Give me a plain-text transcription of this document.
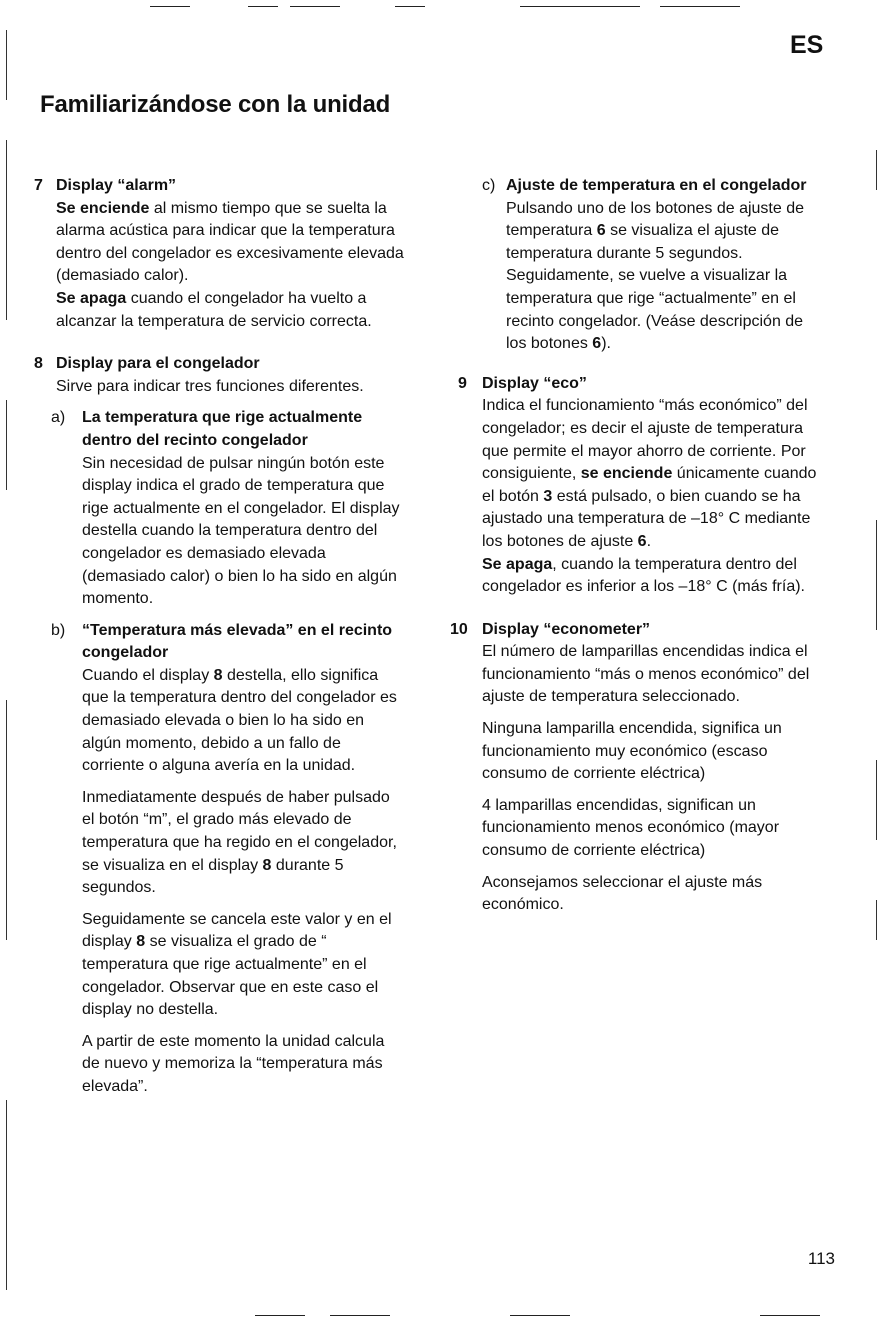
ES
Familiarizándose con la unidad
7 Display “alarm”

Se enciende al mismo tiempo que se suelta la alarma acústica para indicar que la temperatura dentro del congelador es excesivamente elevada (demasiado calor).

Se apaga cuando el congelador ha vuelto a alcanzar la temperatura de servicio correcta.

8 Display para el congelador

Sirve para indicar tres funciones diferentes.

a) La temperatura que rige actualmente dentro del recinto congelador

Sin necesidad de pulsar ningún botón este display indica el grado de temperatura que rige actualmente en el congelador. El display destella cuando la temperatura dentro del congelador es demasiado elevada (demasiado calor) o bien lo ha sido en algún momento.

b) “Temperatura más elevada” en el recinto congelador

Cuando el display 8 destella, ello significa que la temperatura dentro del congelador es demasiado elevada o bien lo ha sido en algún momento, debido a un fallo de corriente o alguna avería en la unidad.

Inmediatamente después de haber pulsado el botón “m”, el grado más elevado de temperatura que ha regido en el congelador, se visualiza en el display 8 durante 5 segundos.

Seguidamente se cancela este valor y en el display 8 se visualiza el grado de “ temperatura que rige actualmente” en el congelador. Observar que en este caso el display no destella.

A partir de este momento la unidad calcula de nuevo y memoriza la “temperatura más elevada”.

c) Ajuste de temperatura en el congelador

Pulsando uno de los botones de ajuste de temperatura 6 se visualiza el ajuste de temperatura durante 5 segundos. Seguidamente, se vuelve a visualizar la temperatura que rige “actualmente” en el recinto congelador. (Veáse descripción de los botones 6).

9 Display “eco”

Indica el funcionamiento “más económico” del congelador; es decir el ajuste de temperatura que permite el mayor ahorro de corriente. Por consiguiente, se enciende únicamente cuando el botón 3 está pulsado, o bien cuando se ha ajustado una temperatura de –18° C mediante los botones de ajuste 6.

Se apaga, cuando la temperatura dentro del congelador es inferior a los –18° C (más fría).

10 Display “econometer”

El número de lamparillas encendidas indica el funcionamiento “más o menos económico” del ajuste de temperatura seleccionado.

Ninguna lamparilla encendida, significa un funcionamiento muy económico (escaso consumo de corriente eléctrica)

4 lamparillas encendidas, significan un funcionamiento menos económico (mayor consumo de corriente eléctrica)

Aconsejamos seleccionar el ajuste más económico.

113
